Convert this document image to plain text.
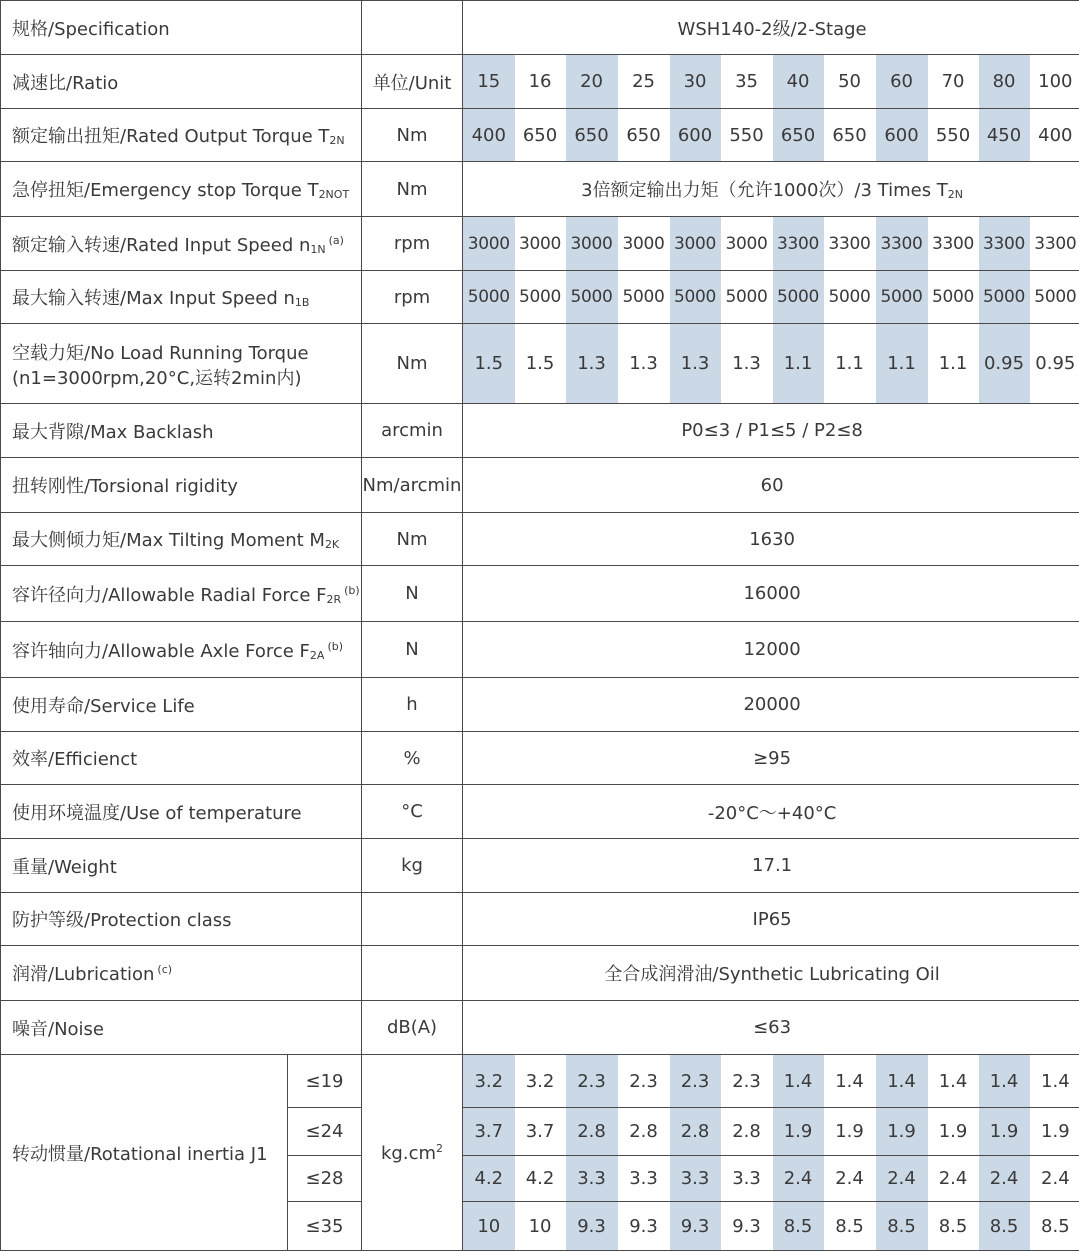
规格/Specification			WSH140-2级/2-Stage											
减速比/Ratio		单位/Unit	15	16	20	25	30	35	40	50	60	70	80	100
额定输出扭矩/Rated Output Torque $T_{2N}$		Nm	400	650	650	650	600	550	650	650	600	550	450	400
急停扭矩/Emergency stop Torque $T_{2NOT}$		Nm	3倍额定输出力矩（允许1000次）/3 Times $T_{2N}$
额定输入转速/Rated Input Speed $n_{1N}^{(a)}$		rpm	3000	3000	3000	3000	3000	3000	3300	3300	3300	3300	3300	3300
最大输入转速/Max Input Speed $n_{1B}$		rpm	5000	5000	5000	5000	5000	5000	5000	5000	5000	5000	5000	5000
空载力矩/No Load Running Torque
(n1=3000rpm,20°C,运转2min内)		Nm	1.5	1.5	1.3	1.3	1.3	1.3	1.1	1.1	1.1	1.1	0.95	0.95
最大背隙/Max Backlash		arcmin	P0≤3 / P1≤5 / P2≤8											
扭转刚性/Torsional rigidity		Nm/arcmin	60											
最大侧倾力矩/Max Tilting Moment $M_{2K}$		Nm	1630											
容许径向力/Allowable Radial Force $F_{2R}^{(b)}$		N	16000											
容许轴向力/Allowable Axle Force $F_{2A}^{(b)}$		N	12000											
使用寿命/Service Life		h	20000											
效率/Efficienct		%	≥95											
使用环境温度/Use of temperature		°C	-20°C～+40°C											
重量/Weight		kg	17.1											
防护等级/Protection class			IP65											
润滑/Lubrication $^{(c)}$			全合成润滑油/Synthetic Lubricating Oil											
噪音/Noise		dB(A)	≤63											
转动惯量/Rotational inertia J1	≤19	$kg.cm^2$	3.2	3.2	2.3	2.3	2.3	2.3	1.4	1.4	1.4	1.4	1.4	1.4
	≤24		3.7	3.7	2.8	2.8	2.8	2.8	1.9	1.9	1.9	1.9	1.9	1.9
	≤28		4.2	4.2	3.3	3.3	3.3	3.3	2.4	2.4	2.4	2.4	2.4	2.4
	≤35		10	10	9.3	9.3	9.3	9.3	8.5	8.5	8.5	8.5	8.5	8.5
